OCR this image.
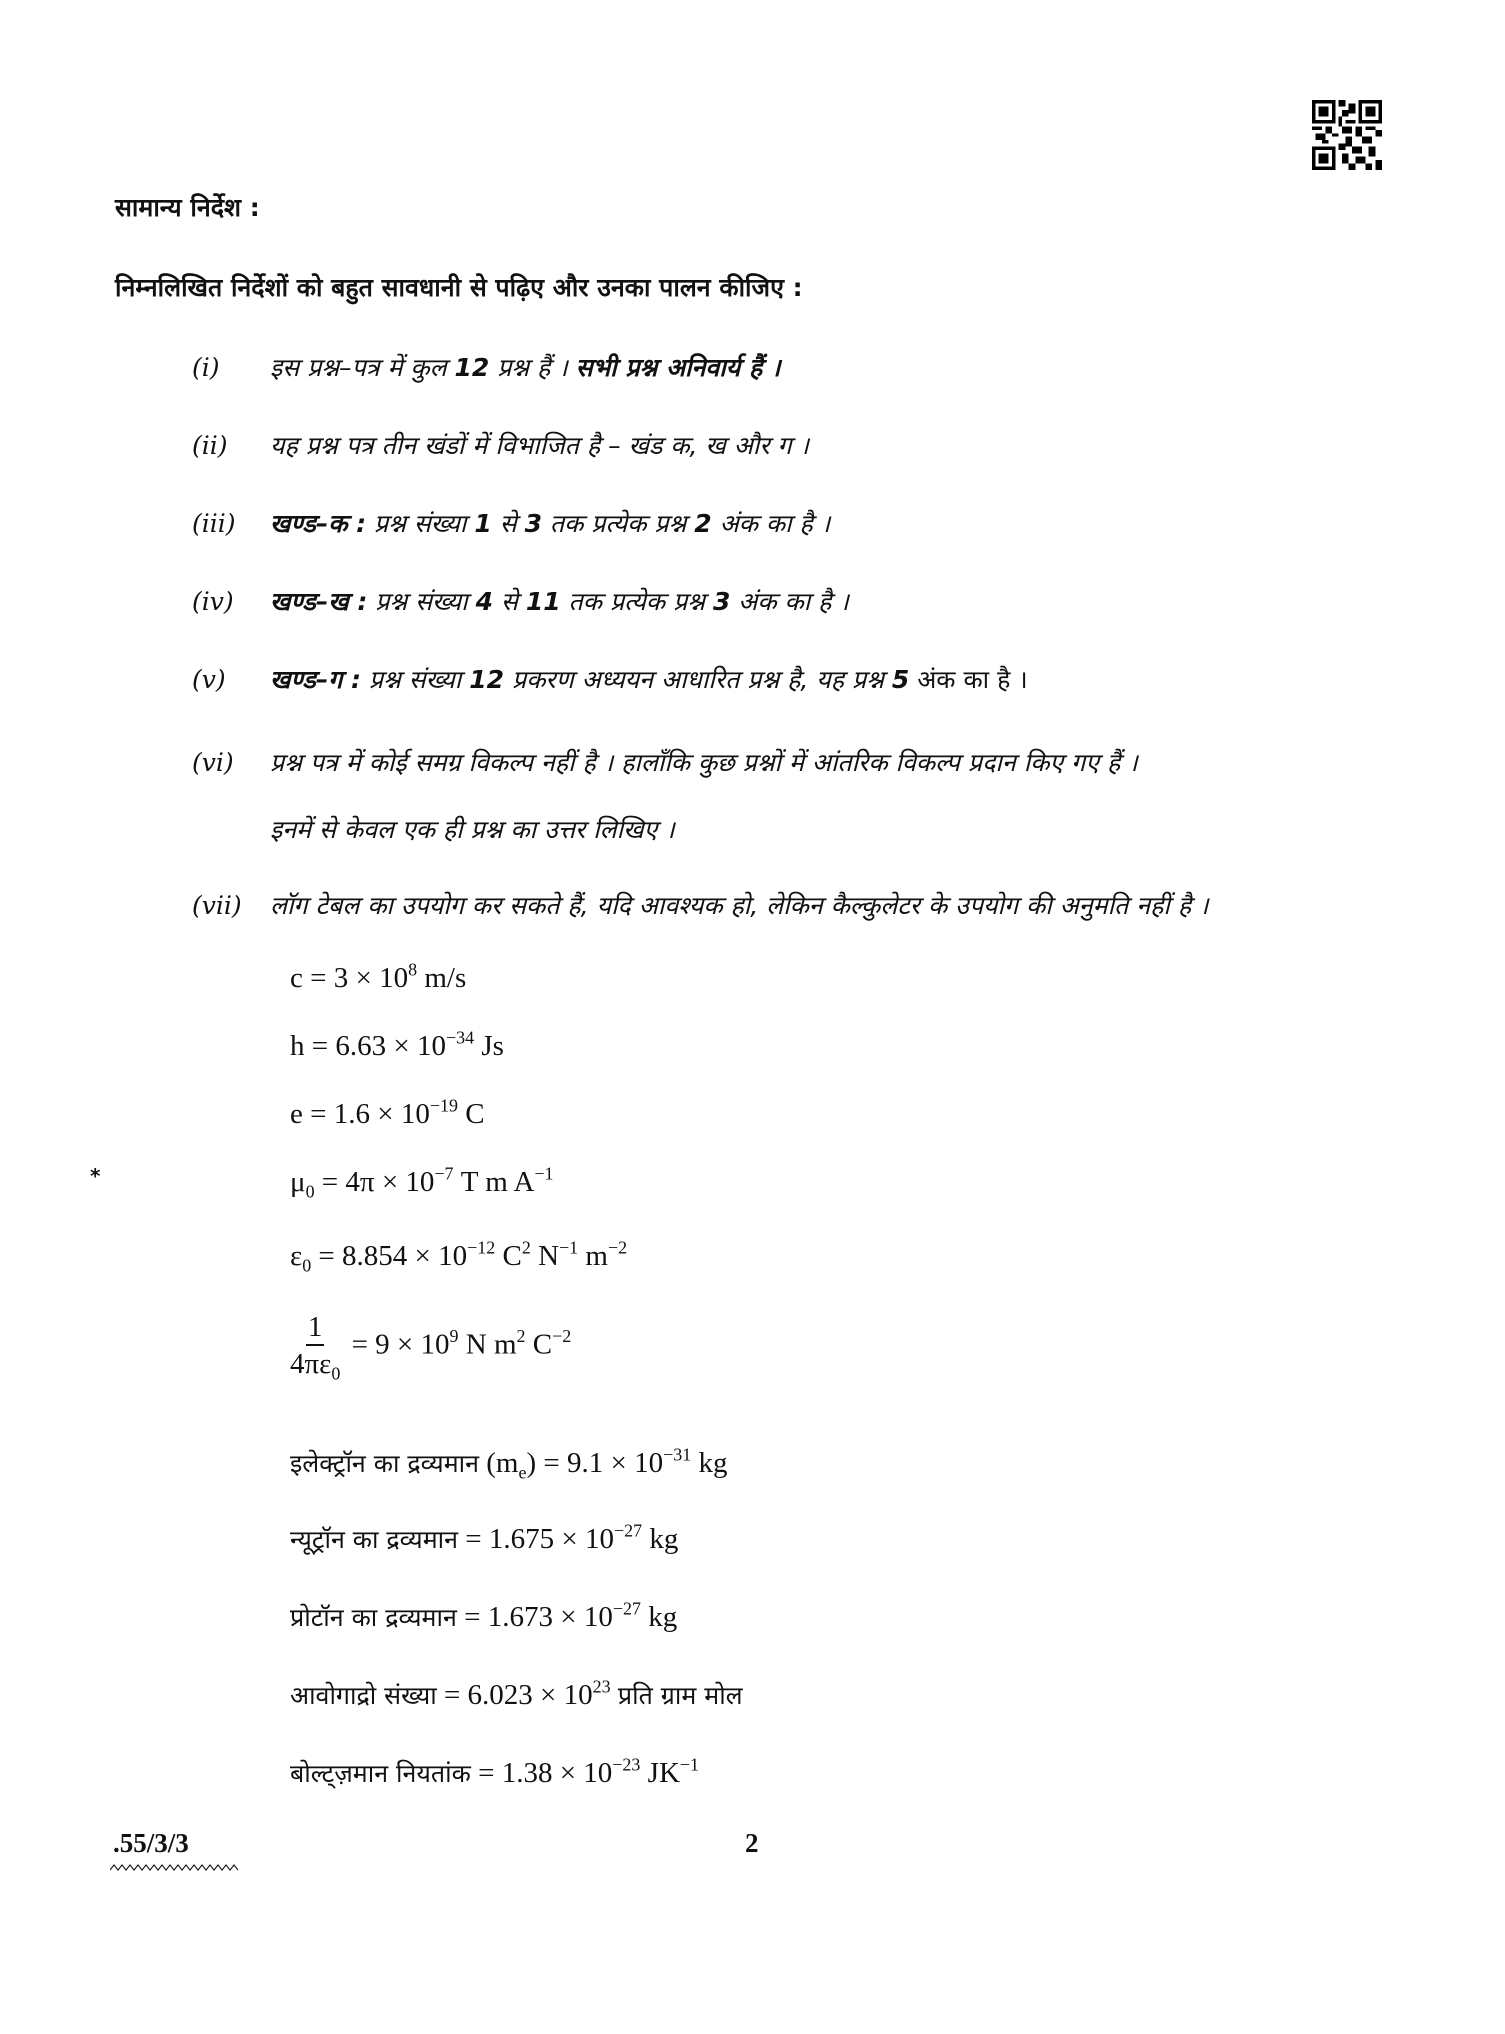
सामान्य निर्देश :
निम्नलिखित निर्देशों को बहुत सावधानी से पढ़िए और उनका पालन कीजिए :
(i)	इस प्रश्न–पत्र में कुल 12 प्रश्न हैं । सभी प्रश्न अनिवार्य हैं ।
(ii)	यह प्रश्न पत्र तीन खंडों में विभाजित है – खंड क, ख और ग ।
(iii)	खण्ड–क : प्रश्न संख्या 1 से 3 तक प्रत्येक प्रश्न 2 अंक का है ।
(iv)	खण्ड–ख : प्रश्न संख्या 4 से 11 तक प्रत्येक प्रश्न 3 अंक का है ।
(v)	खण्ड–ग : प्रश्न संख्या 12 प्रकरण अध्ययन आधारित प्रश्न है, यह प्रश्न 5 अंक का है ।
(vi)	प्रश्न पत्र में कोई समग्र विकल्प नहीं है । हालाँकि कुछ प्रश्नों में आंतरिक विकल्प प्रदान किए गए हैं ।
इनमें से केवल एक ही प्रश्न का उत्तर लिखिए ।
(vii)	लॉग टेबल का उपयोग कर सकते हैं, यदि आवश्यक हो, लेकिन कैल्कुलेटर के उपयोग की अनुमति नहीं है ।
$c = 3 \times 10^8$ m/s
$h = 6.63 \times 10^{-34}$ Js
$e = 1.6 \times 10^{-19}$ C
*	$\mu_0 = 4\pi \times 10^{-7}$ T m $A^{-1}$
$\varepsilon_0 = 8.854 \times 10^{-12}$ $C^2$ $N^{-1}$ $m^{-2}$
$\frac{1}{4\pi\varepsilon_0} = 9 \times 10^9$ N $m^2$ $C^{-2}$
इलेक्ट्रॉन का द्रव्यमान $(m_e) = 9.1 \times 10^{-31}$ kg
न्यूट्रॉन का द्रव्यमान = $1.675 \times 10^{-27}$ kg
प्रोटॉन का द्रव्यमान = $1.673 \times 10^{-27}$ kg
आवोगाद्रो संख्या = $6.023 \times 10^{23}$ प्रति ग्राम मोल
बोल्ट्ज़मान नियतांक = $1.38 \times 10^{-23}$ $JK^{-1}$
.55/3/3	2
